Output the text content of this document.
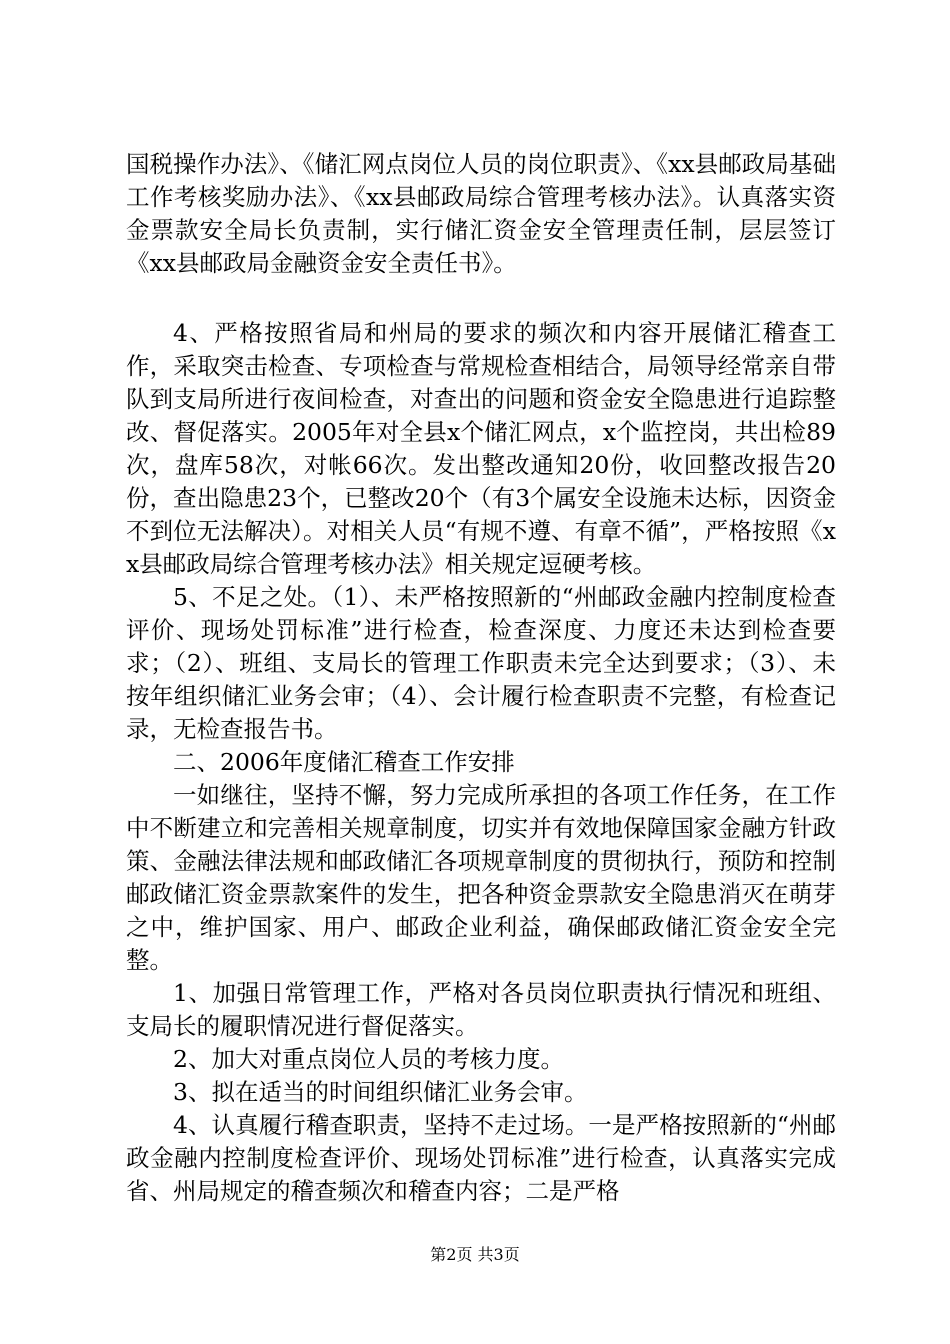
国税操作办法》、《储汇网点岗位人员的岗位职责》、《xx县邮政局基础工作考核奖励办法》、《xx县邮政局综合管理考核办法》。认真落实资金票款安全局长负责制，实行储汇资金安全管理责任制，层层签订《xx县邮政局金融资金安全责任书》。

4、严格按照省局和州局的要求的频次和内容开展储汇稽查工作，采取突击检查、专项检查与常规检查相结合，局领导经常亲自带队到支局所进行夜间检查，对查出的问题和资金安全隐患进行追踪整改、督促落实。2005年对全县x个储汇网点，x个监控岗，共出检89次，盘库58次，对帐66次。发出整改通知20份，收回整改报告20份，查出隐患23个，已整改20个（有3个属安全设施未达标，因资金不到位无法解决）。对相关人员“有规不遵、有章不循”，严格按照《xx县邮政局综合管理考核办法》相关规定逗硬考核。

5、不足之处。（1）、未严格按照新的“州邮政金融内控制度检查评价、现场处罚标准”进行检查，检查深度、力度还未达到检查要求；（2）、班组、支局长的管理工作职责未完全达到要求；（3）、未按年组织储汇业务会审；（4）、会计履行检查职责不完整，有检查记录，无检查报告书。

二、2006年度储汇稽查工作安排

一如继往，坚持不懈，努力完成所承担的各项工作任务，在工作中不断建立和完善相关规章制度，切实并有效地保障国家金融方针政策、金融法律法规和邮政储汇各项规章制度的贯彻执行，预防和控制邮政储汇资金票款案件的发生，把各种资金票款安全隐患消灭在萌芽之中，维护国家、用户、邮政企业利益，确保邮政储汇资金安全完整。

1、加强日常管理工作，严格对各员岗位职责执行情况和班组、支局长的履职情况进行督促落实。

2、加大对重点岗位人员的考核力度。

3、拟在适当的时间组织储汇业务会审。

4、认真履行稽查职责，坚持不走过场。一是严格按照新的“州邮政金融内控制度检查评价、现场处罚标准”进行检查，认真落实完成省、州局规定的稽查频次和稽查内容；二是严格

第2页 共3页
